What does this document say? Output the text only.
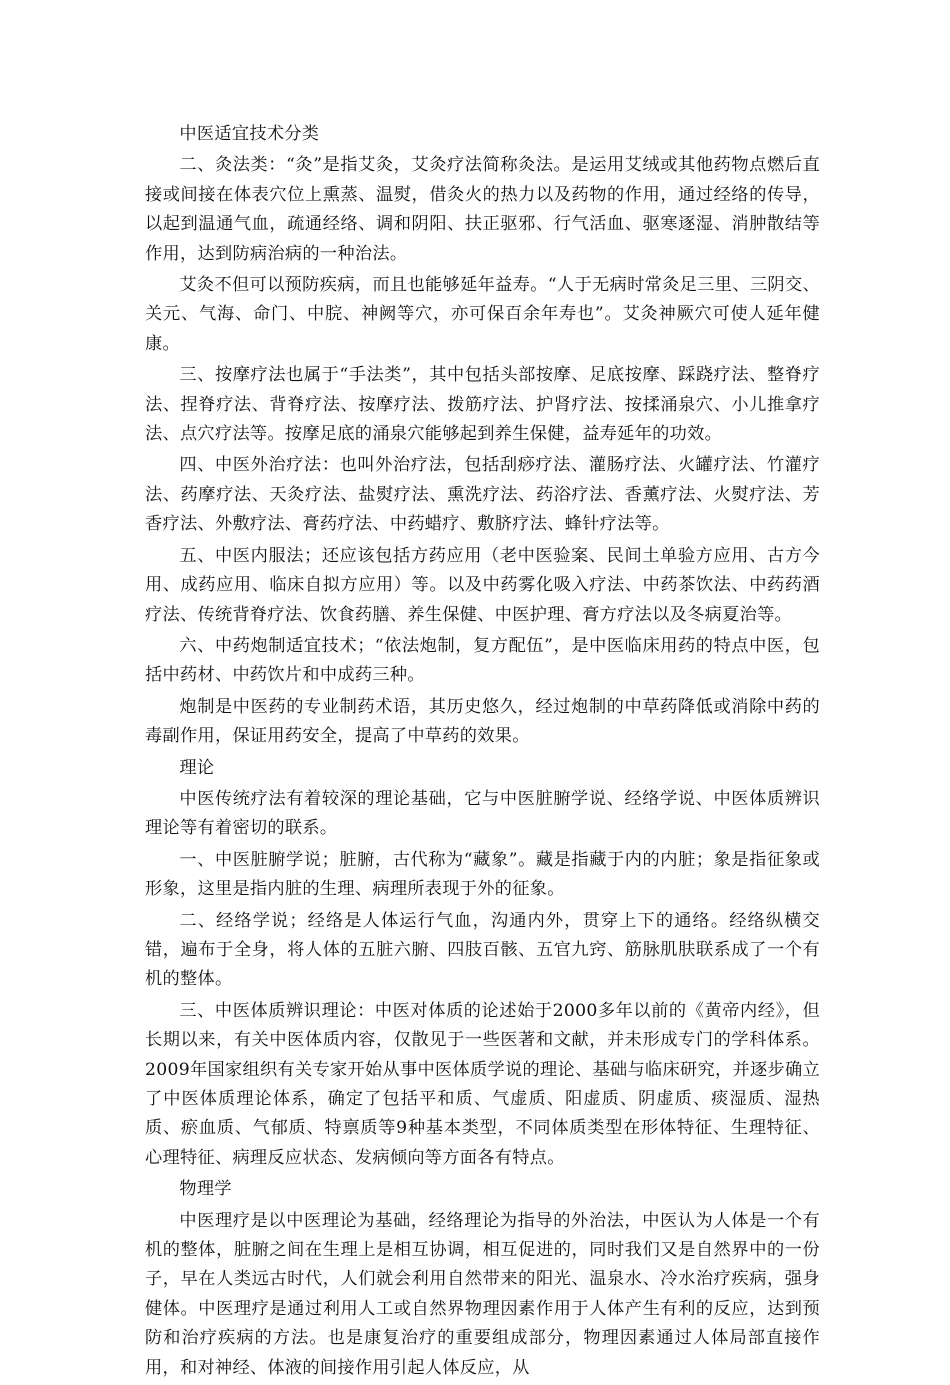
中医适宜技术分类

二、灸法类：“灸”是指艾灸，艾灸疗法简称灸法。是运用艾绒或其他药物点燃后直接或间接在体表穴位上熏蒸、温熨，借灸火的热力以及药物的作用，通过经络的传导，以起到温通气血，疏通经络、调和阴阳、扶正驱邪、行气活血、驱寒逐湿、消肿散结等作用，达到防病治病的一种治法。

艾灸不但可以预防疾病，而且也能够延年益寿。“人于无病时常灸足三里、三阴交、关元、气海、命门、中脘、神阙等穴，亦可保百余年寿也”。艾灸神厥穴可使人延年健康。

三、按摩疗法也属于“手法类”，其中包括头部按摩、足底按摩、踩跷疗法、整脊疗法、捏脊疗法、背脊疗法、按摩疗法、拨筋疗法、护肾疗法、按揉涌泉穴、小儿推拿疗法、点穴疗法等。按摩足底的涌泉穴能够起到养生保健，益寿延年的功效。

四、中医外治疗法：也叫外治疗法，包括刮痧疗法、灌肠疗法、火罐疗法、竹灌疗法、药摩疗法、天灸疗法、盐熨疗法、熏洗疗法、药浴疗法、香薰疗法、火熨疗法、芳香疗法、外敷疗法、膏药疗法、中药蜡疗、敷脐疗法、蜂针疗法等。

五、中医内服法；还应该包括方药应用（老中医验案、民间土单验方应用、古方今用、成药应用、临床自拟方应用）等。以及中药雾化吸入疗法、中药茶饮法、中药药酒疗法、传统背脊疗法、饮食药膳、养生保健、中医护理、膏方疗法以及冬病夏治等。

六、中药炮制适宜技术；“依法炮制，复方配伍”，是中医临床用药的特点中医，包括中药材、中药饮片和中成药三种。

炮制是中医药的专业制药术语，其历史悠久，经过炮制的中草药降低或消除中药的毒副作用，保证用药安全，提高了中草药的效果。

理论

中医传统疗法有着较深的理论基础，它与中医脏腑学说、经络学说、中医体质辨识理论等有着密切的联系。

一、中医脏腑学说；脏腑，古代称为“藏象”。藏是指藏于内的内脏；象是指征象或形象，这里是指内脏的生理、病理所表现于外的征象。

二、经络学说；经络是人体运行气血，沟通内外，贯穿上下的通络。经络纵横交错，遍布于全身，将人体的五脏六腑、四肢百骸、五官九窍、筋脉肌肤联系成了一个有机的整体。

三、中医体质辨识理论：中医对体质的论述始于2000多年以前的《黄帝内经》，但长期以来，有关中医体质内容，仅散见于一些医著和文献，并未形成专门的学科体系。2009年国家组织有关专家开始从事中医体质学说的理论、基础与临床研究，并逐步确立了中医体质理论体系，确定了包括平和质、气虚质、阳虚质、阴虚质、痰湿质、湿热质、瘀血质、气郁质、特禀质等9种基本类型，不同体质类型在形体特征、生理特征、心理特征、病理反应状态、发病倾向等方面各有特点。

物理学

中医理疗是以中医理论为基础，经络理论为指导的外治法，中医认为人体是一个有机的整体，脏腑之间在生理上是相互协调，相互促进的，同时我们又是自然界中的一份子，早在人类远古时代，人们就会利用自然带来的阳光、温泉水、冷水治疗疾病，强身健体。中医理疗是通过利用人工或自然界物理因素作用于人体产生有利的反应，达到预防和治疗疾病的方法。也是康复治疗的重要组成部分，物理因素通过人体局部直接作用，和对神经、体液的间接作用引起人体反应，从
